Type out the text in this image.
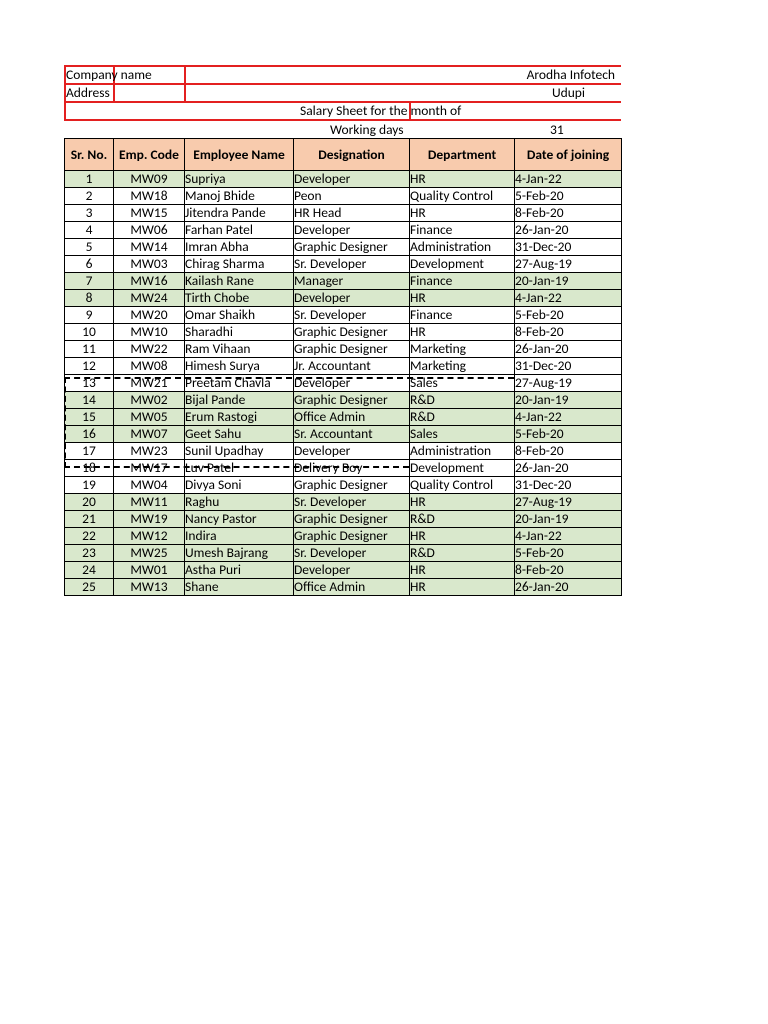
Company name	Arodha Infotech
Address	Udupi
Salary Sheet for the month of
Working days	31
Sr. No.	Emp. Code	Employee Name	Designation	Department	Date of joining
1	MW09	Supriya	Developer	HR	4-Jan-22
2	MW18	Manoj Bhide	Peon	Quality Control	5-Feb-20
3	MW15	Jitendra Pande	HR Head	HR	8-Feb-20
4	MW06	Farhan Patel	Developer	Finance	26-Jan-20
5	MW14	Imran Abha	Graphic Designer	Administration	31-Dec-20
6	MW03	Chirag Sharma	Sr. Developer	Development	27-Aug-19
7	MW16	Kailash Rane	Manager	Finance	20-Jan-19
8	MW24	Tirth Chobe	Developer	HR	4-Jan-22
9	MW20	Omar Shaikh	Sr. Developer	Finance	5-Feb-20
10	MW10	Sharadhi	Graphic Designer	HR	8-Feb-20
11	MW22	Ram Vihaan	Graphic Designer	Marketing	26-Jan-20
12	MW08	Himesh Surya	Jr. Accountant	Marketing	31-Dec-20
13	MW21	Preetam Chavla	Developer	Sales	27-Aug-19
14	MW02	Bijal Pande	Graphic Designer	R&D	20-Jan-19
15	MW05	Erum Rastogi	Office Admin	R&D	4-Jan-22
16	MW07	Geet Sahu	Sr. Accountant	Sales	5-Feb-20
17	MW23	Sunil Upadhay	Developer	Administration	8-Feb-20
18	MW17	Luv Patel	Delivery Boy	Development	26-Jan-20
19	MW04	Divya Soni	Graphic Designer	Quality Control	31-Dec-20
20	MW11	Raghu	Sr. Developer	HR	27-Aug-19
21	MW19	Nancy Pastor	Graphic Designer	R&D	20-Jan-19
22	MW12	Indira	Graphic Designer	HR	4-Jan-22
23	MW25	Umesh Bajrang	Sr. Developer	R&D	5-Feb-20
24	MW01	Astha Puri	Developer	HR	8-Feb-20
25	MW13	Shane	Office Admin	HR	26-Jan-20
